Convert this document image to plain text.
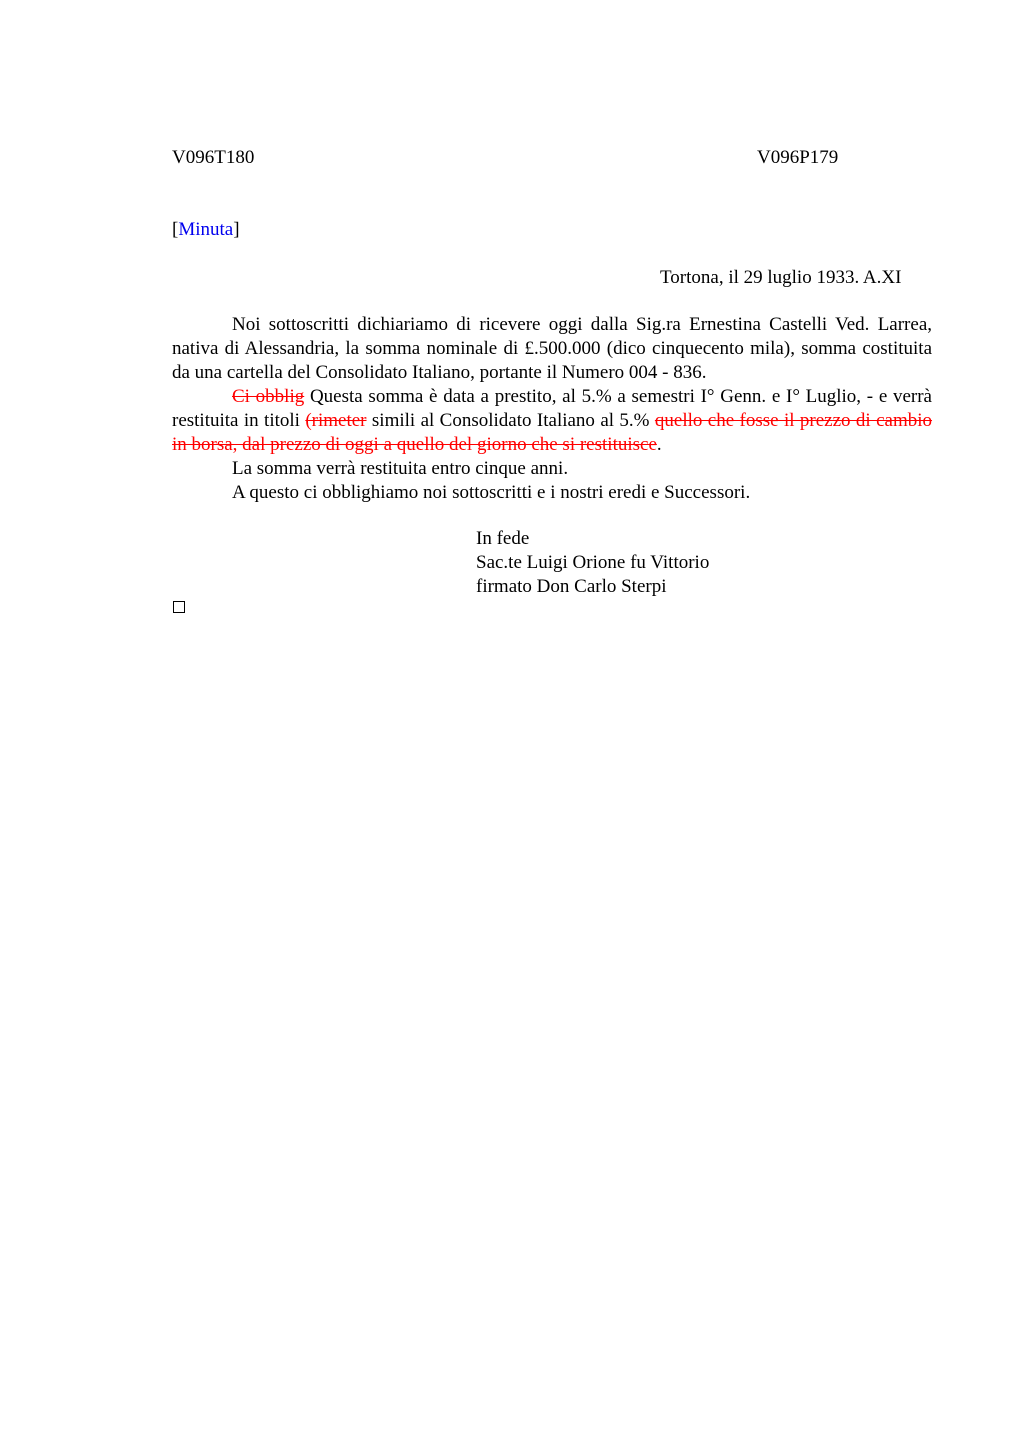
V096T180	V096P179
[Minuta]
Tortona, il 29 luglio 1933. A.XI

Noi sottoscritti dichiariamo di ricevere oggi dalla Sig.ra Ernestina Castelli Ved. Larrea, nativa di Alessandria, la somma nominale di £.500.000 (dico cinquecento mila), somma costituita da una cartella del Consolidato Italiano, portante il Numero 004 - 836.

Ci obblig Questa somma è data a prestito, al 5.% a semestri I° Genn. e I° Luglio, - e verrà restituita in titoli (rimeter simili al Consolidato Italiano al 5.% quello che fosse il prezzo di cambio in borsa, dal prezzo di oggi a quello del giorno che si restituisce.

La somma verrà restituita entro cinque anni.

A questo ci obblighiamo noi sottoscritti e i nostri eredi e Successori.

In fede
Sac.te Luigi Orione fu Vittorio
firmato Don Carlo Sterpi
